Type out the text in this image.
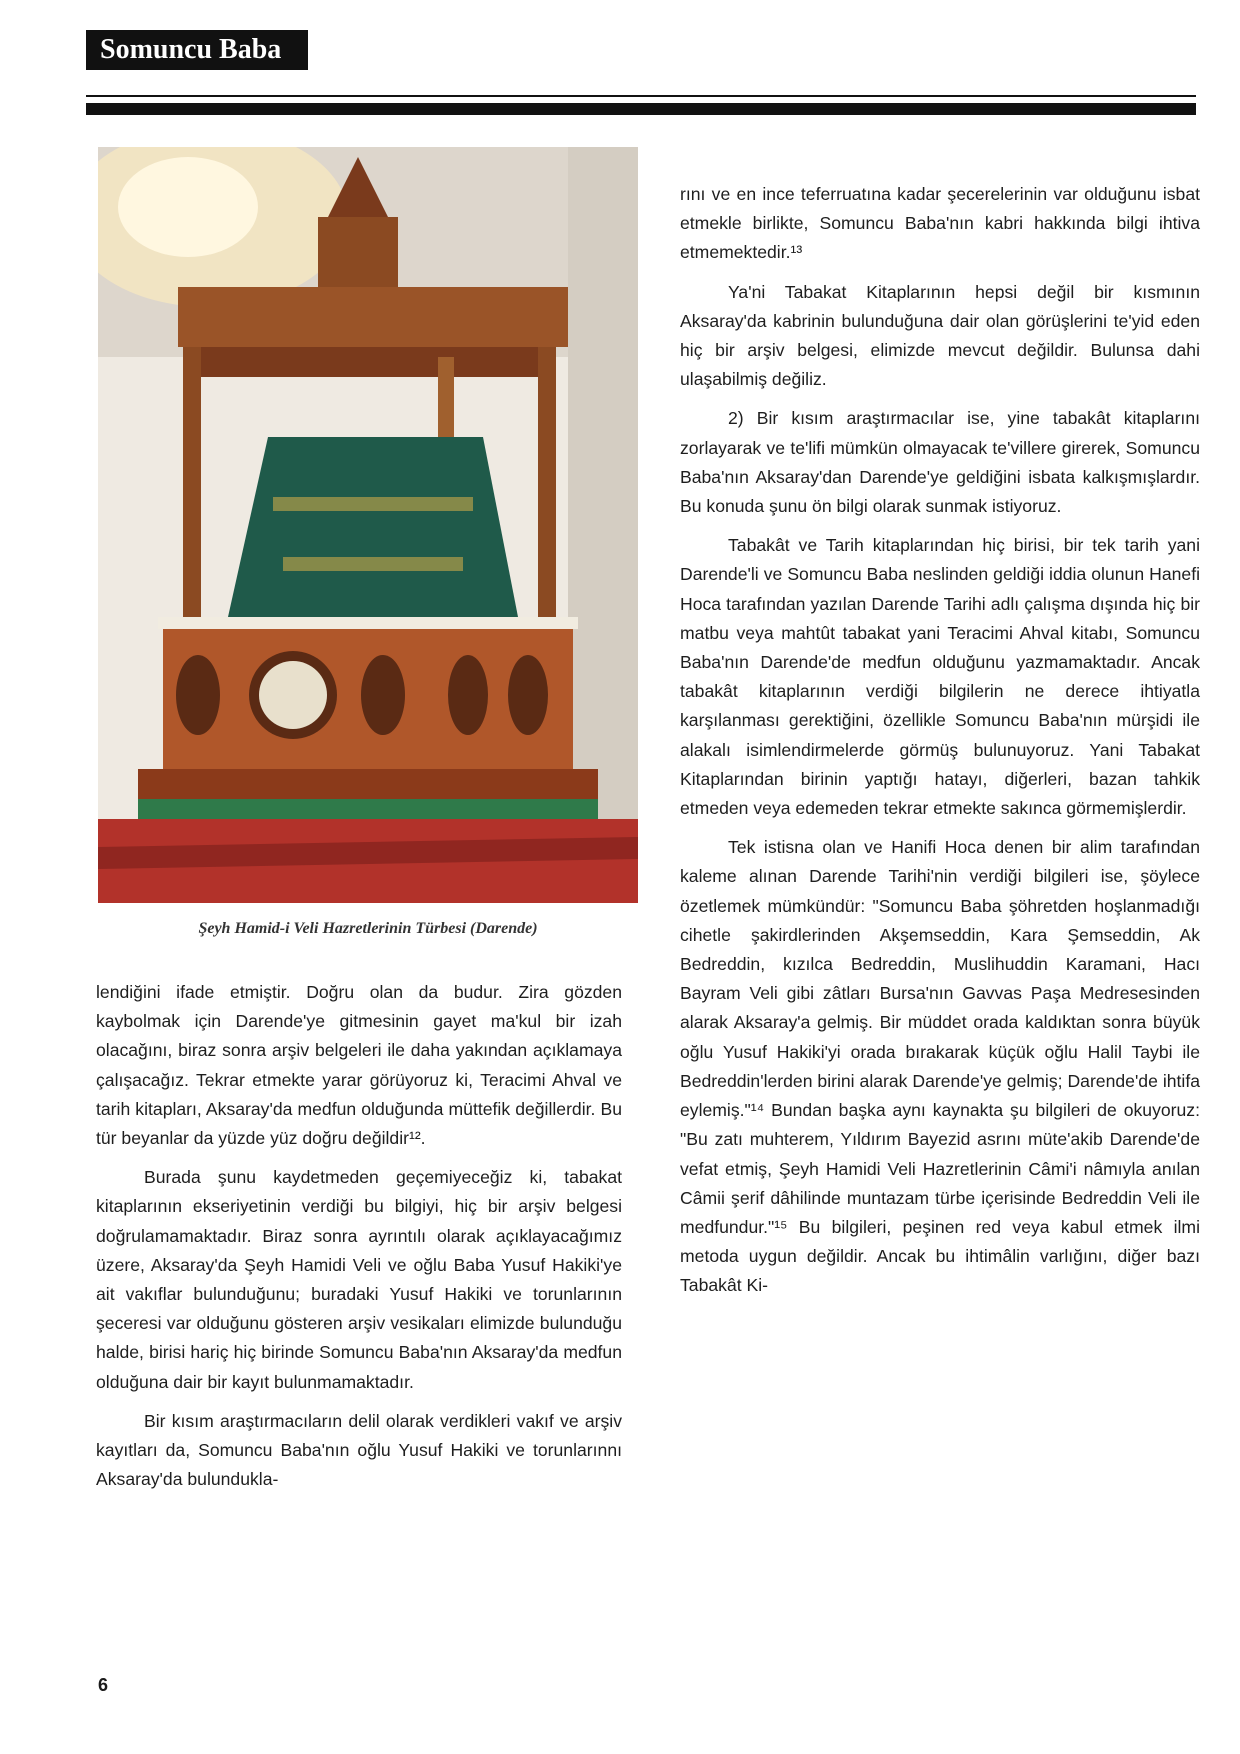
Somuncu Baba
Şeyh Hamid-i Veli Hazretlerinin Türbesi (Darende)

lendiğini ifade etmiştir. Doğru olan da budur. Zira gözden kaybolmak için Darende'ye gitmesinin gayet ma'kul bir izah olacağını, biraz sonra arşiv belgeleri ile daha yakından açıklamaya çalışacağız. Tekrar etmekte yarar görüyoruz ki, Teracimi Ahval ve tarih kitapları, Aksaray'da medfun olduğunda müttefik değillerdir. Bu tür beyanlar da yüzde yüz doğru değildir¹².

Burada şunu kaydetmeden geçemiyeceğiz ki, tabakat kitaplarının ekseriyetinin verdiği bu bilgiyi, hiç bir arşiv belgesi doğrulamamaktadır. Biraz sonra ayrıntılı olarak açıklayacağımız üzere, Aksaray'da Şeyh Hamidi Veli ve oğlu Baba Yusuf Hakiki'ye ait vakıflar bulunduğunu; buradaki Yusuf Hakiki ve torunlarının şeceresi var olduğunu gösteren arşiv vesikaları elimizde bulunduğu halde, birisi hariç hiç birinde Somuncu Baba'nın Aksaray'da medfun olduğuna dair bir kayıt bulunmamaktadır.

Bir kısım araştırmacıların delil olarak verdikleri vakıf ve arşiv kayıtları da, Somuncu Baba'nın oğlu Yusuf Hakiki ve torunlarınnı Aksaray'da bulundukla-

rını ve en ince teferruatına kadar şecerelerinin var olduğunu isbat etmekle birlikte, Somuncu Baba'nın kabri hakkında bilgi ihtiva etmemektedir.¹³

Ya'ni Tabakat Kitaplarının hepsi değil bir kısmının Aksaray'da kabrinin bulunduğuna dair olan görüşlerini te'yid eden hiç bir arşiv belgesi, elimizde mevcut değildir. Bulunsa dahi ulaşabilmiş değiliz.

2) Bir kısım araştırmacılar ise, yine tabakât kitaplarını zorlayarak ve te'lifi mümkün olmayacak te'villere girerek, Somuncu Baba'nın Aksaray'dan Darende'ye geldiğini isbata kalkışmışlardır. Bu konuda şunu ön bilgi olarak sunmak istiyoruz.

Tabakât ve Tarih kitaplarından hiç birisi, bir tek tarih yani Darende'li ve Somuncu Baba neslinden geldiği iddia olunun Hanefi Hoca tarafından yazılan Darende Tarihi adlı çalışma dışında hiç bir matbu veya mahtût tabakat yani Teracimi Ahval kitabı, Somuncu Baba'nın Darende'de medfun olduğunu yazmamaktadır. Ancak tabakât kitaplarının verdiği bilgilerin ne derece ihtiyatla karşılanması gerektiğini, özellikle Somuncu Baba'nın mürşidi ile alakalı isimlendirmelerde görmüş bulunuyoruz. Yani Tabakat Kitaplarından birinin yaptığı hatayı, diğerleri, bazan tahkik etmeden veya edemeden tekrar etmekte sakınca görmemişlerdir.

Tek istisna olan ve Hanifi Hoca denen bir alim tarafından kaleme alınan Darende Tarihi'nin verdiği bilgileri ise, şöylece özetlemek mümkündür: "Somuncu Baba şöhretden hoşlanmadığı cihetle şakirdlerinden Akşemseddin, Kara Şemseddin, Ak Bedreddin, kızılca Bedreddin, Muslihuddin Karamani, Hacı Bayram Veli gibi zâtları Bursa'nın Gavvas Paşa Medresesinden alarak Aksaray'a gelmiş. Bir müddet orada kaldıktan sonra büyük oğlu Yusuf Hakiki'yi orada bırakarak küçük oğlu Halil Taybi ile Bedreddin'lerden birini alarak Darende'ye gelmiş; Darende'de ihtifa eylemiş."¹⁴ Bundan başka aynı kaynakta şu bilgileri de okuyoruz: "Bu zatı muhterem, Yıldırım Bayezid asrını müte'akib Darende'de vefat etmiş, Şeyh Hamidi Veli Hazretlerinin Câmi'i nâmıyla anılan Câmii şerif dâhilinde muntazam türbe içerisinde Bedreddin Veli ile medfundur."¹⁵ Bu bilgileri, peşinen red veya kabul etmek ilmi metoda uygun değildir. Ancak bu ihtimâlin varlığını, diğer bazı Tabakât Ki-

6
